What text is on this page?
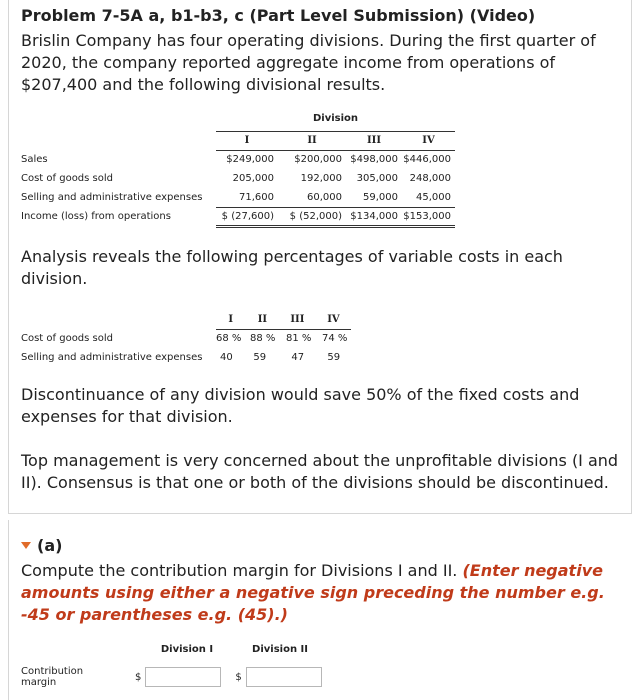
Problem 7-5A a, b1-b3, c (Part Level Submission) (Video)
Brislin Company has four operating divisions. During the first quarter of 2020, the company reported aggregate income from operations of $207,400 and the following divisional results.

	Division			

	I	II	III	IV
Sales	$249,000	$200,000	$498,000	$446,000
Cost of goods sold	205,000	192,000	305,000	248,000
Selling and administrative expenses	71,600	60,000	59,000	45,000
Income (loss) from operations	$ (27,600)	$ (52,000)	$134,000	$153,000
Analysis reveals the following percentages of variable costs in each division.
	I	II	III	IV
Cost of goods sold	68 %	88 %	81 %	74 %
Selling and administrative expenses	40	59	47	59
Discontinuance of any division would save 50% of the fixed costs and expenses for that division.
Top management is very concerned about the unprofitable divisions (I and II). Consensus is that one or both of the divisions should be discontinued.
(a)
Compute the contribution margin for Divisions I and II. (Enter negative amounts using either a negative sign preceding the number e.g. -45 or parentheses e.g. (45).)
Division I	Division II
Contribution margin	$	$
